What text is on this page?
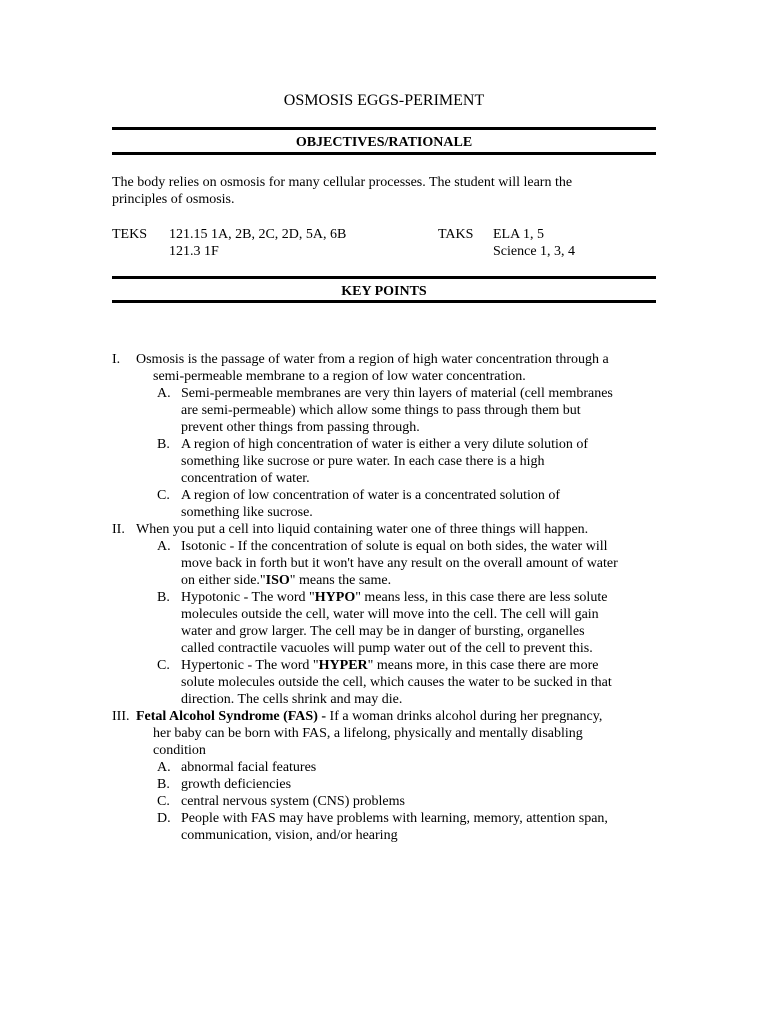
OSMOSIS EGGS-PERIMENT
OBJECTIVES/RATIONALE
The body relies on osmosis for many cellular processes. The student will learn the
principles of osmosis.
TEKS 121.15 1A, 2B, 2C, 2D, 5A, 6B
121.3 1F
TAKS ELA 1, 5
Science 1, 3, 4
KEY POINTS
I.	Osmosis is the passage of water from a region of high water concentration through a
semi-permeable membrane to a region of low water concentration.
A. Semi-permeable membranes are very thin layers of material (cell membranes
are semi-permeable) which allow some things to pass through them but
prevent other things from passing through.
B. A region of high concentration of water is either a very dilute solution of
something like sucrose or pure water. In each case there is a high
concentration of water.
C. A region of low concentration of water is a concentrated solution of
something like sucrose.
II. When you put a cell into liquid containing water one of three things will happen.
A. Isotonic - If the concentration of solute is equal on both sides, the water will
move back in forth but it won't have any result on the overall amount of water
on either side."ISO" means the same.
B. Hypotonic - The word "HYPO" means less, in this case there are less solute
molecules outside the cell, water will move into the cell. The cell will gain
water and grow larger. The cell may be in danger of bursting, organelles
called contractile vacuoles will pump water out of the cell to prevent this.
C. Hypertonic - The word "HYPER" means more, in this case there are more
solute molecules outside the cell, which causes the water to be sucked in that
direction. The cells shrink and may die.
III. Fetal Alcohol Syndrome (FAS) - If a woman drinks alcohol during her pregnancy,
her baby can be born with FAS, a lifelong, physically and mentally disabling
condition
A. abnormal facial features
B. growth deficiencies
C. central nervous system (CNS) problems
D. People with FAS may have problems with learning, memory, attention span,
communication, vision, and/or hearing
